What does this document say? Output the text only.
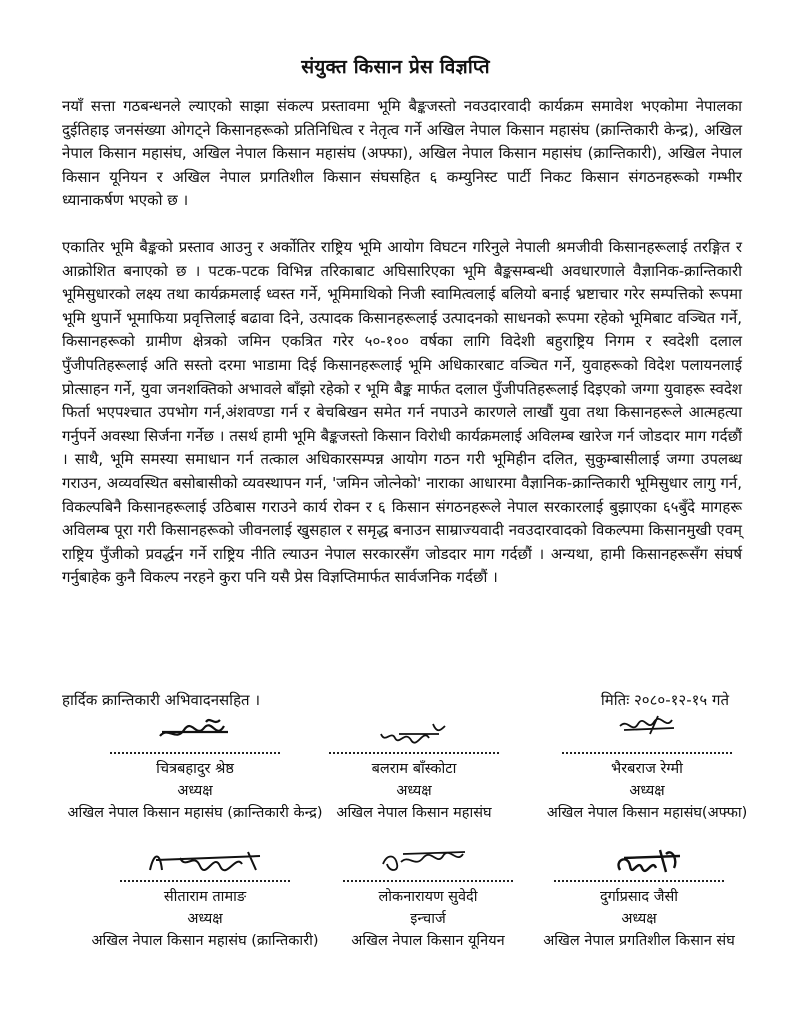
संयुक्त किसान प्रेस विज्ञप्ति
नयाँ सत्ता गठबन्धनले ल्याएको साझा संकल्प प्रस्तावमा भूमि बैङ्कजस्तो नवउदारवादी कार्यक्रम समावेश भएकोमा नेपालका दुईतिहाइ जनसंख्या ओगट्ने किसानहरूको प्रतिनिधित्व र नेतृत्व गर्ने अखिल नेपाल किसान महासंघ (क्रान्तिकारी केन्द्र), अखिल नेपाल किसान महासंघ, अखिल नेपाल किसान महासंघ (अफ्फा), अखिल नेपाल किसान महासंघ (क्रान्तिकारी), अखिल नेपाल किसान यूनियन र अखिल नेपाल प्रगतिशील किसान संघसहित ६ कम्युनिस्ट पार्टी निकट किसान संगठनहरूको गम्भीर ध्यानाकर्षण भएको छ ।
एकातिर भूमि बैङ्कको प्रस्ताव आउनु र अर्कोतिर राष्ट्रिय भूमि आयोग विघटन गरिनुले नेपाली श्रमजीवी किसानहरूलाई तरङ्गित र आक्रोशित बनाएको छ । पटक-पटक विभिन्न तरिकाबाट अघिसारिएका भूमि बैङ्कसम्बन्धी अवधारणाले वैज्ञानिक-क्रान्तिकारी भूमिसुधारको लक्ष्य तथा कार्यक्रमलाई ध्वस्त गर्ने, भूमिमाथिको निजी स्वामित्वलाई बलियो बनाई भ्रष्टाचार गरेर सम्पत्तिको रूपमा भूमि थुपार्ने भूमाफिया प्रवृत्तिलाई बढावा दिने, उत्पादक किसानहरूलाई उत्पादनको साधनको रूपमा रहेको भूमिबाट वञ्चित गर्ने, किसानहरूको ग्रामीण क्षेत्रको जमिन एकत्रित गरेर ५०-१०० वर्षका लागि विदेशी बहुराष्ट्रिय निगम र स्वदेशी दलाल पुँजीपतिहरूलाई अति सस्तो दरमा भाडामा दिई किसानहरूलाई भूमि अधिकारबाट वञ्चित गर्ने, युवाहरूको विदेश पलायनलाई प्रोत्साहन गर्ने, युवा जनशक्तिको अभावले बाँझो रहेको र भूमि बैङ्क मार्फत दलाल पुँजीपतिहरूलाई दिइएको जग्गा युवाहरू स्वदेश फिर्ता भएपश्चात उपभोग गर्न,अंशवण्डा गर्न र बेचबिखन समेत गर्न नपाउने कारणले लाखौं युवा तथा किसानहरूले आत्महत्या गर्नुपर्ने अवस्था सिर्जना गर्नेछ । तसर्थ हामी भूमि बैङ्कजस्तो किसान विरोधी कार्यक्रमलाई अविलम्ब खारेज गर्न जोडदार माग गर्दछौं । साथै, भूमि समस्या समाधान गर्न तत्काल अधिकारसम्पन्न आयोग गठन गरी भूमिहीन दलित, सुकुम्बासीलाई जग्गा उपलब्ध गराउन, अव्यवस्थित बसोबासीको व्यवस्थापन गर्न, 'जमिन जोत्नेको' नाराका आधारमा वैज्ञानिक-क्रान्तिकारी भूमिसुधार लागु गर्न, विकल्पबिनै किसानहरूलाई उठिबास गराउने कार्य रोक्न र ६ किसान संगठनहरूले नेपाल सरकारलाई बुझाएका ६५बुँदे मागहरू अविलम्ब पूरा गरी किसानहरूको जीवनलाई खुसहाल र समृद्ध बनाउन साम्राज्यवादी नवउदारवादको विकल्पमा किसानमुखी एवम् राष्ट्रिय पुँजीको प्रवर्द्धन गर्ने राष्ट्रिय नीति ल्याउन नेपाल सरकारसँग जोडदार माग गर्दछौं । अन्यथा, हामी किसानहरूसँग संघर्ष गर्नुबाहेक कुनै विकल्प नरहने कुरा पनि यसै प्रेस विज्ञप्तिमार्फत सार्वजनिक गर्दछौं ।
हार्दिक क्रान्तिकारी अभिवादनसहित ।	मितिः २०८०-१२-१५ गते
चित्रबहादुर श्रेष्ठ
अध्यक्ष
अखिल नेपाल किसान महासंघ (क्रान्तिकारी केन्द्र)
बलराम बाँस्कोटा
अध्यक्ष
अखिल नेपाल किसान महासंघ
भैरबराज रेग्मी
अध्यक्ष
अखिल नेपाल किसान महासंघ(अफ्फा)
सीताराम तामाङ
अध्यक्ष
अखिल नेपाल किसान महासंघ (क्रान्तिकारी)
लोकनारायण सुवेदी
इन्चार्ज
अखिल नेपाल किसान यूनियन
दुर्गाप्रसाद जैसी
अध्यक्ष
अखिल नेपाल प्रगतिशील किसान संघ
